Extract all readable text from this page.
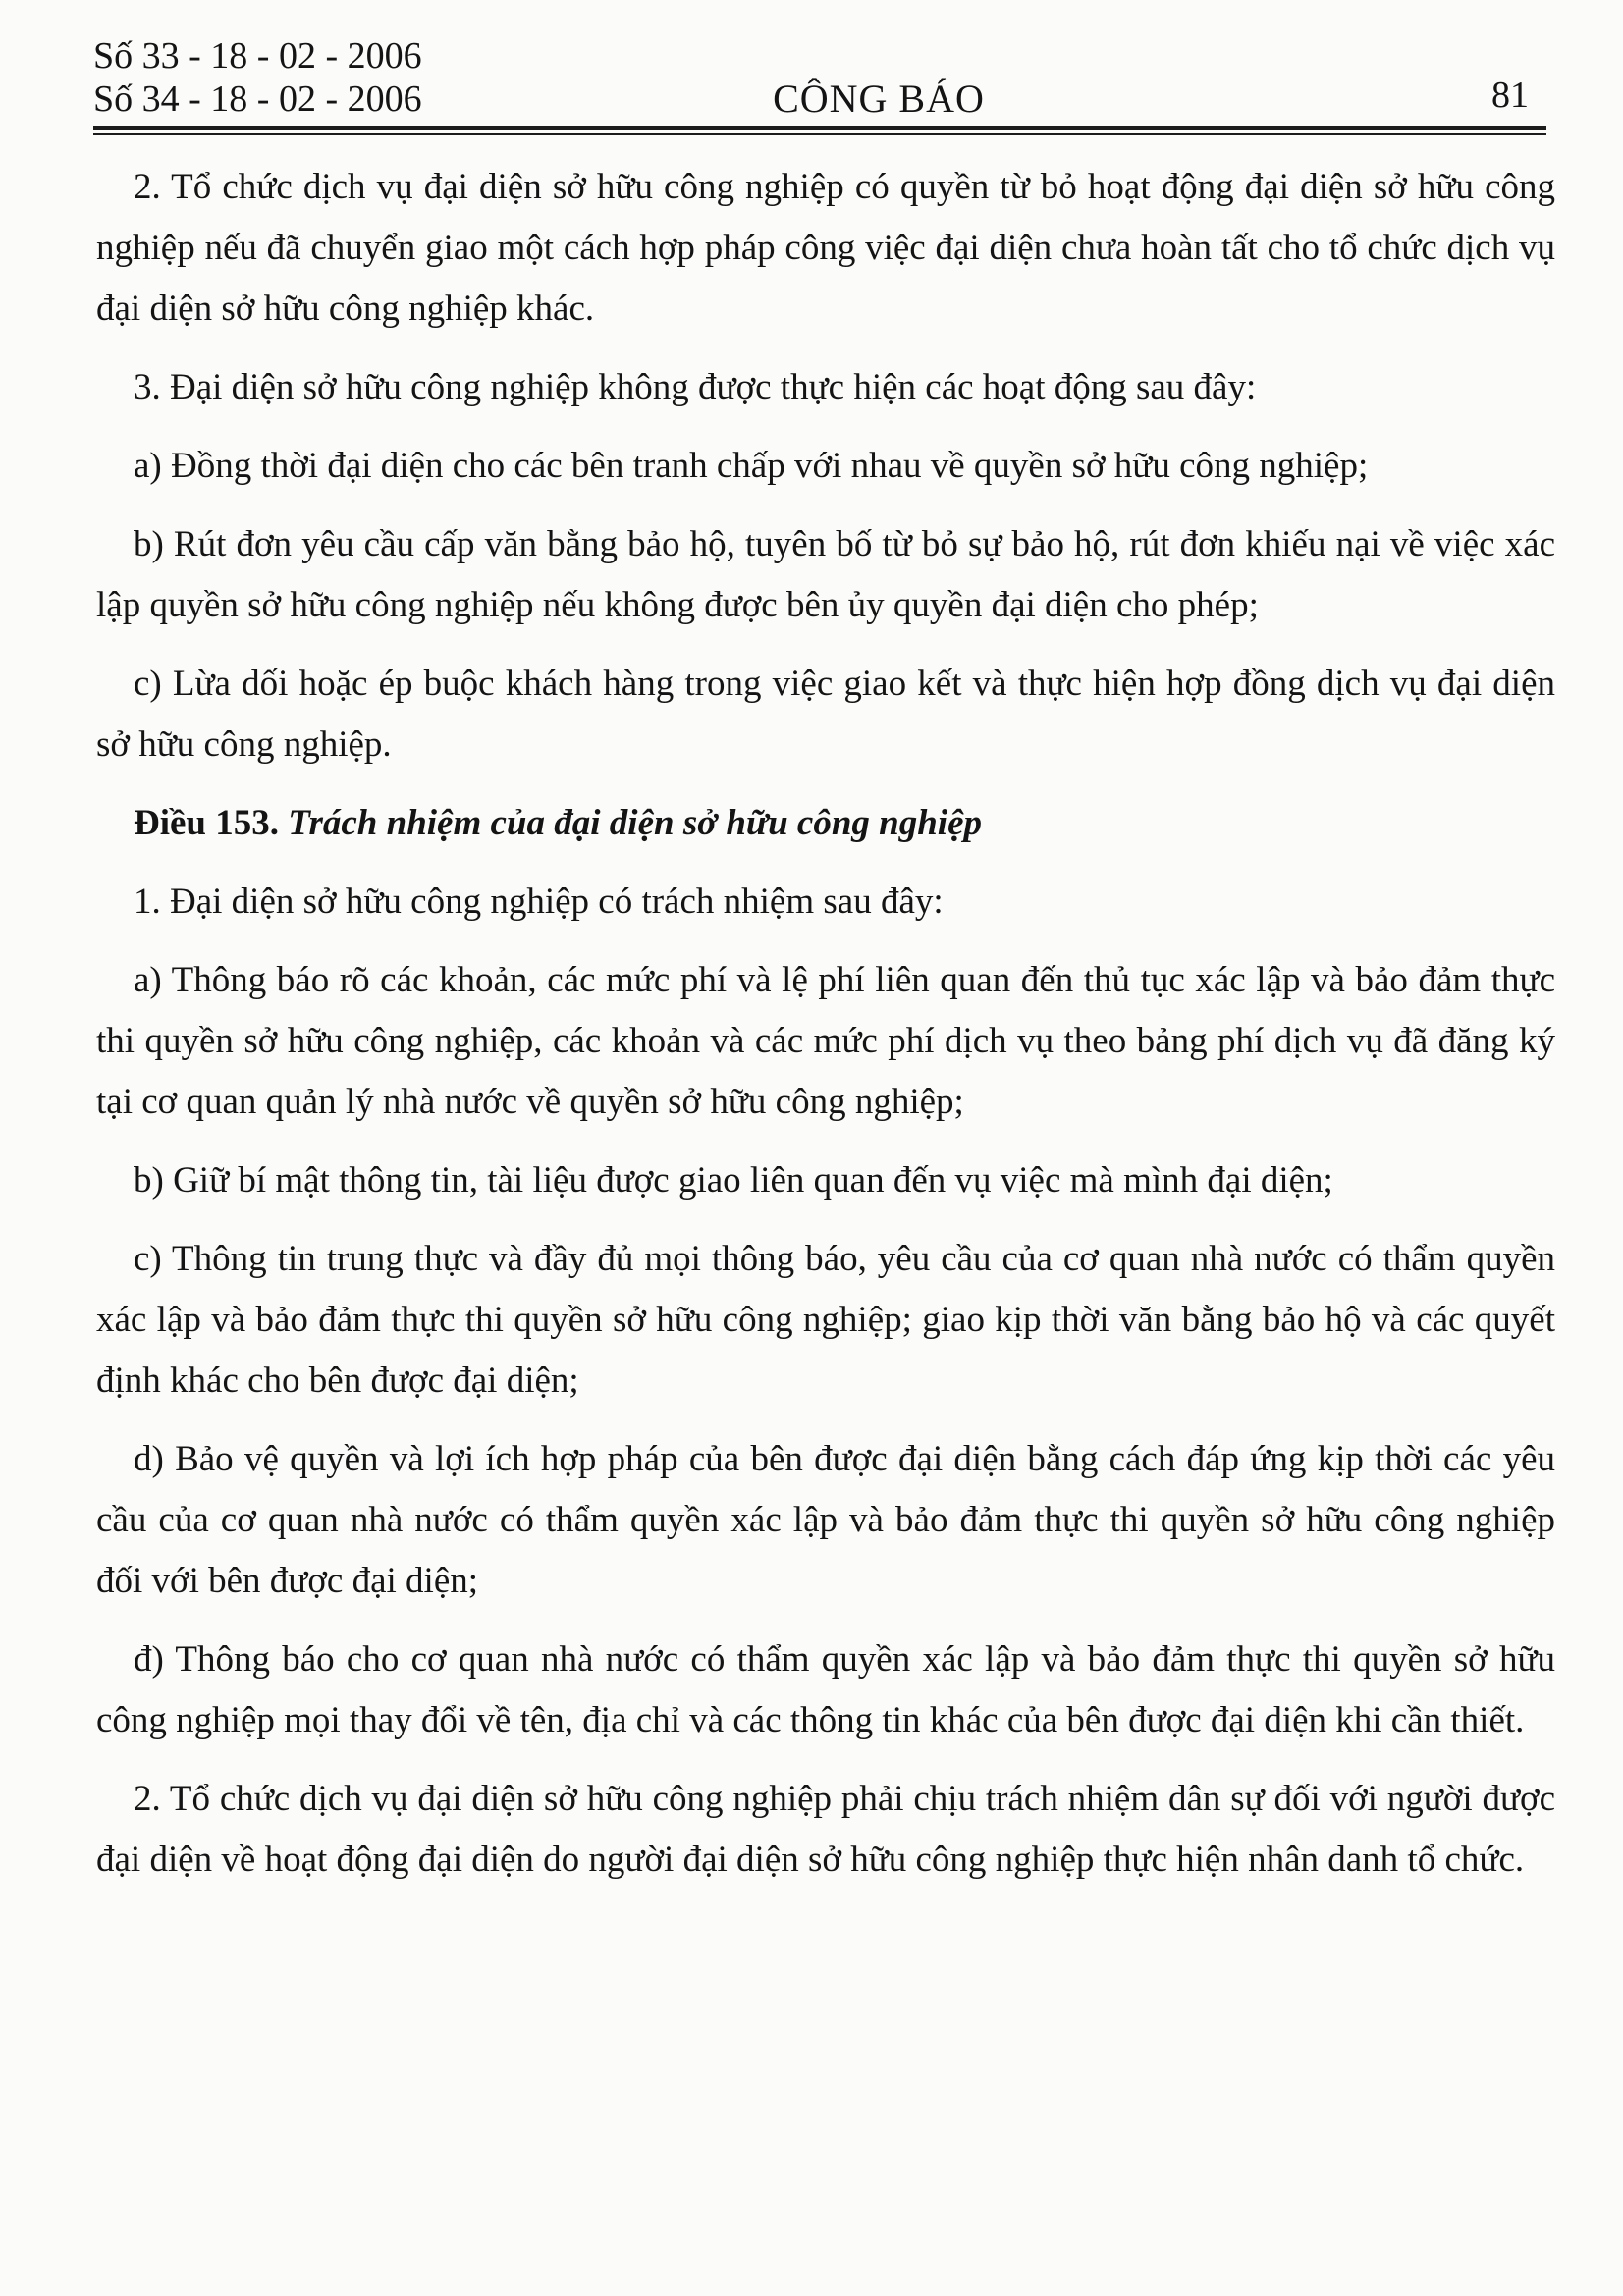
Số 33 - 18 - 02 - 2006
Số 34 - 18 - 02 - 2006	CÔNG BÁO	81

2. Tổ chức dịch vụ đại diện sở hữu công nghiệp có quyền từ bỏ hoạt động đại diện sở hữu công nghiệp nếu đã chuyển giao một cách hợp pháp công việc đại diện chưa hoàn tất cho tổ chức dịch vụ đại diện sở hữu công nghiệp khác.

3. Đại diện sở hữu công nghiệp không được thực hiện các hoạt động sau đây:

a) Đồng thời đại diện cho các bên tranh chấp với nhau về quyền sở hữu công nghiệp;

b) Rút đơn yêu cầu cấp văn bằng bảo hộ, tuyên bố từ bỏ sự bảo hộ, rút đơn khiếu nại về việc xác lập quyền sở hữu công nghiệp nếu không được bên ủy quyền đại diện cho phép;

c) Lừa dối hoặc ép buộc khách hàng trong việc giao kết và thực hiện hợp đồng dịch vụ đại diện sở hữu công nghiệp.

Điều 153. Trách nhiệm của đại diện sở hữu công nghiệp

1. Đại diện sở hữu công nghiệp có trách nhiệm sau đây:

a) Thông báo rõ các khoản, các mức phí và lệ phí liên quan đến thủ tục xác lập và bảo đảm thực thi quyền sở hữu công nghiệp, các khoản và các mức phí dịch vụ theo bảng phí dịch vụ đã đăng ký tại cơ quan quản lý nhà nước về quyền sở hữu công nghiệp;

b) Giữ bí mật thông tin, tài liệu được giao liên quan đến vụ việc mà mình đại diện;

c) Thông tin trung thực và đầy đủ mọi thông báo, yêu cầu của cơ quan nhà nước có thẩm quyền xác lập và bảo đảm thực thi quyền sở hữu công nghiệp; giao kịp thời văn bằng bảo hộ và các quyết định khác cho bên được đại diện;

d) Bảo vệ quyền và lợi ích hợp pháp của bên được đại diện bằng cách đáp ứng kịp thời các yêu cầu của cơ quan nhà nước có thẩm quyền xác lập và bảo đảm thực thi quyền sở hữu công nghiệp đối với bên được đại diện;

đ) Thông báo cho cơ quan nhà nước có thẩm quyền xác lập và bảo đảm thực thi quyền sở hữu công nghiệp mọi thay đổi về tên, địa chỉ và các thông tin khác của bên được đại diện khi cần thiết.

2. Tổ chức dịch vụ đại diện sở hữu công nghiệp phải chịu trách nhiệm dân sự đối với người được đại diện về hoạt động đại diện do người đại diện sở hữu công nghiệp thực hiện nhân danh tổ chức.
